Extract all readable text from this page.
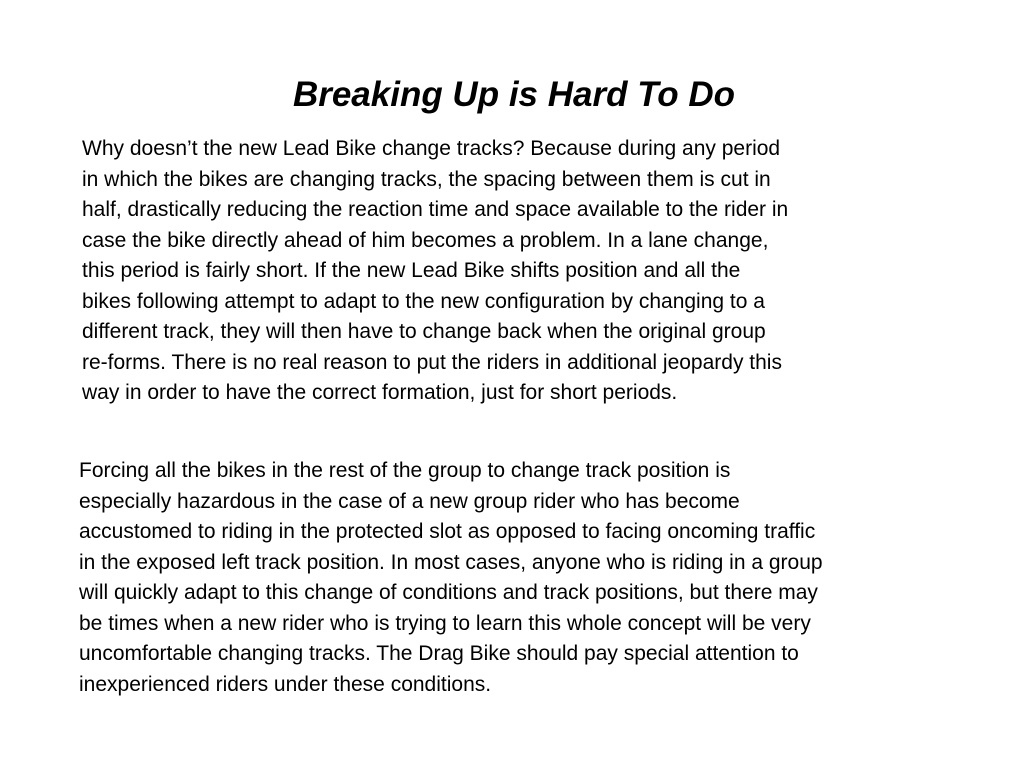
Breaking Up is Hard To Do

Why doesn’t the new Lead Bike change tracks? Because during any period
in which the bikes are changing tracks, the spacing between them is cut in
half, drastically reducing the reaction time and space available to the rider in
case the bike directly ahead of him becomes a problem. In a lane change,
this period is fairly short. If the new Lead Bike shifts position and all the
bikes following attempt to adapt to the new configuration by changing to a
different track, they will then have to change back when the original group
re-forms. There is no real reason to put the riders in additional jeopardy this
way in order to have the correct formation, just for short periods.

Forcing all the bikes in the rest of the group to change track position is
especially hazardous in the case of a new group rider who has become
accustomed to riding in the protected slot as opposed to facing oncoming traffic
in the exposed left track position. In most cases, anyone who is riding in a group
will quickly adapt to this change of conditions and track positions, but there may
be times when a new rider who is trying to learn this whole concept will be very
uncomfortable changing tracks. The Drag Bike should pay special attention to
inexperienced riders under these conditions.
